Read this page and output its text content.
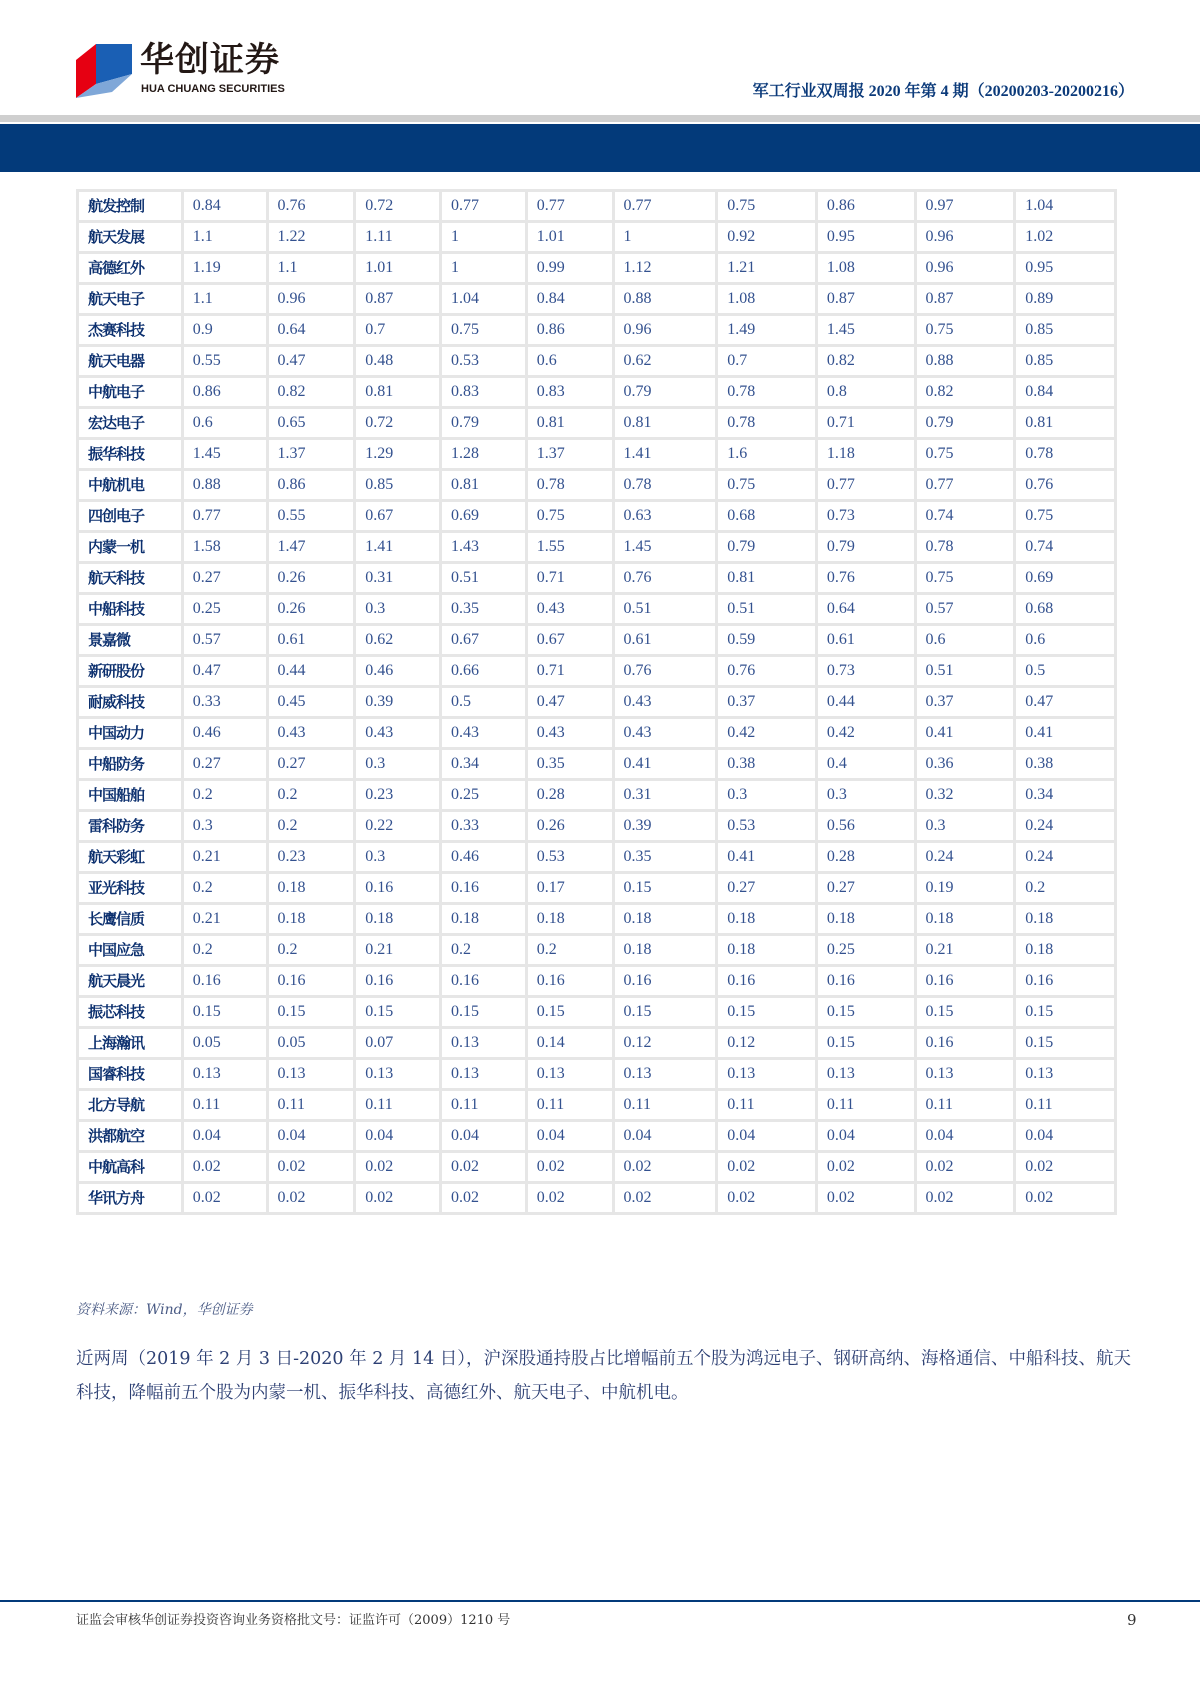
华创证券
HUA CHUANG SECURITIES	军工行业双周报 2020 年第 4 期（20200203-20200216）
航发控制	0.84	0.76	0.72	0.77	0.77	0.77	0.75	0.86	0.97	1.04
航天发展	1.1	1.22	1.11	1	1.01	1	0.92	0.95	0.96	1.02
高德红外	1.19	1.1	1.01	1	0.99	1.12	1.21	1.08	0.96	0.95
航天电子	1.1	0.96	0.87	1.04	0.84	0.88	1.08	0.87	0.87	0.89
杰赛科技	0.9	0.64	0.7	0.75	0.86	0.96	1.49	1.45	0.75	0.85
航天电器	0.55	0.47	0.48	0.53	0.6	0.62	0.7	0.82	0.88	0.85
中航电子	0.86	0.82	0.81	0.83	0.83	0.79	0.78	0.8	0.82	0.84
宏达电子	0.6	0.65	0.72	0.79	0.81	0.81	0.78	0.71	0.79	0.81
振华科技	1.45	1.37	1.29	1.28	1.37	1.41	1.6	1.18	0.75	0.78
中航机电	0.88	0.86	0.85	0.81	0.78	0.78	0.75	0.77	0.77	0.76
四创电子	0.77	0.55	0.67	0.69	0.75	0.63	0.68	0.73	0.74	0.75
内蒙一机	1.58	1.47	1.41	1.43	1.55	1.45	0.79	0.79	0.78	0.74
航天科技	0.27	0.26	0.31	0.51	0.71	0.76	0.81	0.76	0.75	0.69
中船科技	0.25	0.26	0.3	0.35	0.43	0.51	0.51	0.64	0.57	0.68
景嘉微	0.57	0.61	0.62	0.67	0.67	0.61	0.59	0.61	0.6	0.6
新研股份	0.47	0.44	0.46	0.66	0.71	0.76	0.76	0.73	0.51	0.5
耐威科技	0.33	0.45	0.39	0.5	0.47	0.43	0.37	0.44	0.37	0.47
中国动力	0.46	0.43	0.43	0.43	0.43	0.43	0.42	0.42	0.41	0.41
中船防务	0.27	0.27	0.3	0.34	0.35	0.41	0.38	0.4	0.36	0.38
中国船舶	0.2	0.2	0.23	0.25	0.28	0.31	0.3	0.3	0.32	0.34
雷科防务	0.3	0.2	0.22	0.33	0.26	0.39	0.53	0.56	0.3	0.24
航天彩虹	0.21	0.23	0.3	0.46	0.53	0.35	0.41	0.28	0.24	0.24
亚光科技	0.2	0.18	0.16	0.16	0.17	0.15	0.27	0.27	0.19	0.2
长鹰信质	0.21	0.18	0.18	0.18	0.18	0.18	0.18	0.18	0.18	0.18
中国应急	0.2	0.2	0.21	0.2	0.2	0.18	0.18	0.25	0.21	0.18
航天晨光	0.16	0.16	0.16	0.16	0.16	0.16	0.16	0.16	0.16	0.16
振芯科技	0.15	0.15	0.15	0.15	0.15	0.15	0.15	0.15	0.15	0.15
上海瀚讯	0.05	0.05	0.07	0.13	0.14	0.12	0.12	0.15	0.16	0.15
国睿科技	0.13	0.13	0.13	0.13	0.13	0.13	0.13	0.13	0.13	0.13
北方导航	0.11	0.11	0.11	0.11	0.11	0.11	0.11	0.11	0.11	0.11
洪都航空	0.04	0.04	0.04	0.04	0.04	0.04	0.04	0.04	0.04	0.04
中航高科	0.02	0.02	0.02	0.02	0.02	0.02	0.02	0.02	0.02	0.02
华讯方舟	0.02	0.02	0.02	0.02	0.02	0.02	0.02	0.02	0.02	0.02
资料来源：Wind，华创证券
近两周（2019 年 2 月 3 日-2020 年 2 月 14 日），沪深股通持股占比增幅前五个股为鸿远电子、钢研高纳、海格通信、中船科技、航天科技，降幅前五个股为内蒙一机、振华科技、高德红外、航天电子、中航机电。
证监会审核华创证券投资咨询业务资格批文号：证监许可（2009）1210 号	9
